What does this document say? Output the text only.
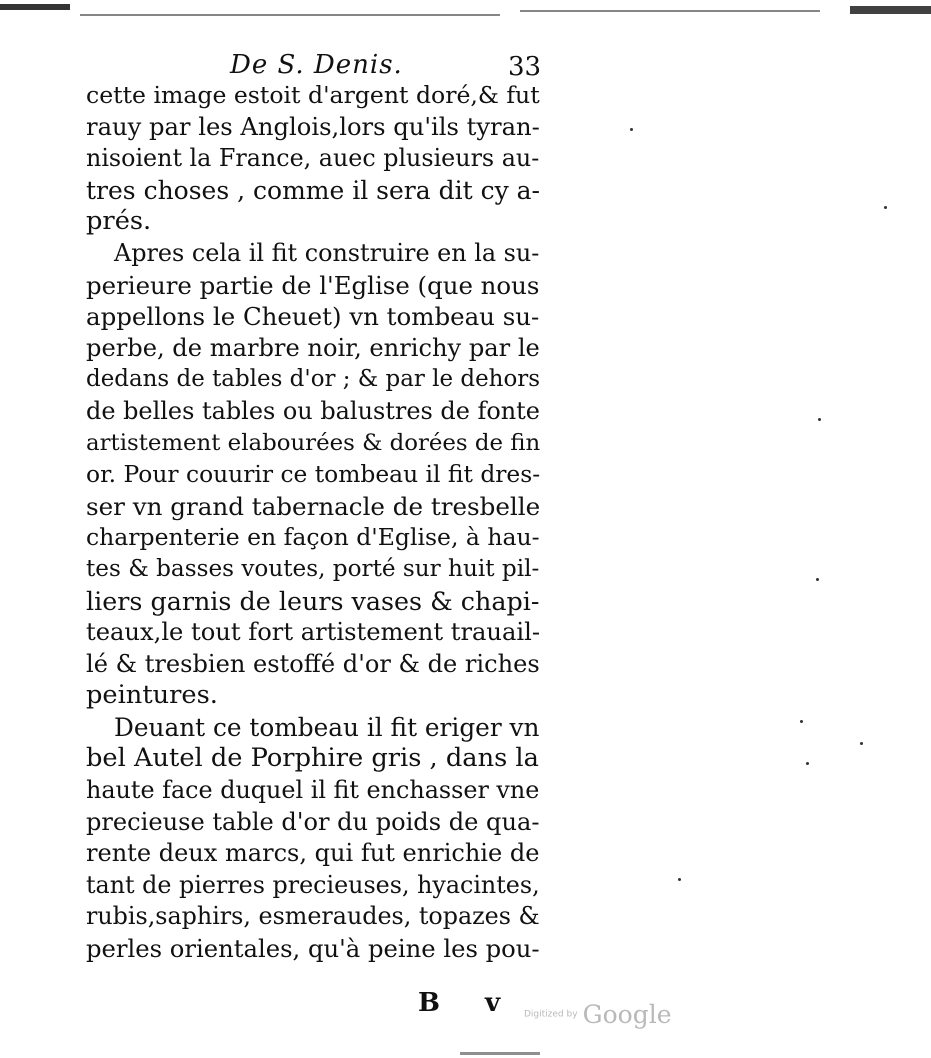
De S. Denis.	33
cette image estoit d'argent doré,& fut
rauy par les Anglois,lors qu'ils tyran-
nisoient la France, auec plusieurs au-
tres choses , comme il sera dit cy a-
prés.
Apres cela il fit construire en la su-
perieure partie de l'Eglise (que nous
appellons le Cheuet) vn tombeau su-
perbe, de marbre noir, enrichy par le
dedans de tables d'or ; & par le dehors
de belles tables ou balustres de fonte
artistement elabourées & dorées de fin
or. Pour couurir ce tombeau il fit dres-
ser vn grand tabernacle de tresbelle
charpenterie en façon d'Eglise, à hau-
tes & basses voutes, porté sur huit pil-
liers garnis de leurs vases & chapi-
teaux,le tout fort artistement trauail-
lé & tresbien estoffé d'or & de riches
peintures.
Deuant ce tombeau il fit eriger vn
bel Autel de Porphire gris , dans la
haute face duquel il fit enchasser vne
precieuse table d'or du poids de qua-
rente deux marcs, qui fut enrichie de
tant de pierres precieuses, hyacintes,
rubis,saphirs, esmeraudes, topazes &
perles orientales, qu'à peine les pou-
B v Digitized by Google
